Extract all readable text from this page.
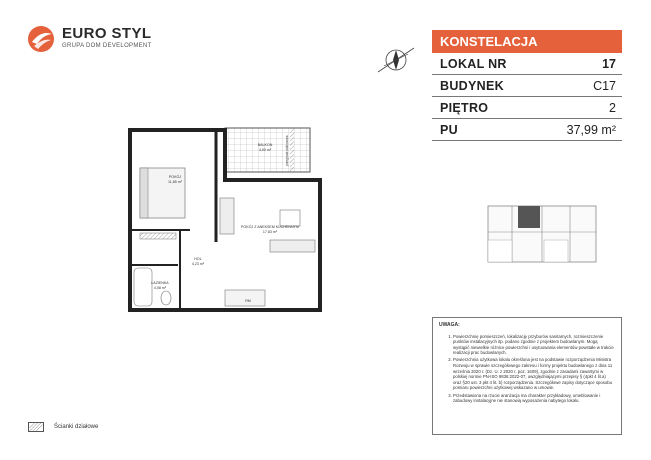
EURO STYL
GRUPA DOM DEVELOPMENT	KONSTELACJA
LOKAL NR	17
BUDYNEK	C17
PIĘTRO	2
PU	37,99 m²
BALKON
4,90 m²
POKÓJ
11,85 m²
POKÓJ Z ANEKSEM KUCHENNYM
17,83 m²
HOL
4,23 m²
ŁAZIENKA
4,08 m²
przegroda balkonowa
RM
UWAGA:
1. Powierzchnię pomieszczeń, lokalizację przyborów sanitarnych, rozmieszczenie punktów instalacyjnych itp. podano zgodnie z projektem budowlanym. Mogą wystąpić niewielkie różnice powierzchni i usytuowania elementów powstałe w trakcie realizacji prac budowlanych.
2. Powierzchnia użytkowa lokalu określona jest na podstawie rozporządzenia Ministra Rozwoju w sprawie szczegółowego zakresu i formy projektu budowlanego z dnia 11 września 2020 r. (Dz. U. z 2020 r. poz. 1609), zgodnie z zasadami zawartymi w polskiej normie PN-ISO 9836:2022-07, uwzględniającymi przepisy § (4pkt 4 lit.a) oraz §20 ust. 3 pkt 4 lit. b) rozporządzenia. Szczegółowe zapisy dotyczące sposobu pomiaru powierzchni użytkowej wskazano w umowie.
3. Przedstawiona na rzucie aranżacja ma charakter przykładowy, umeblowanie i zabudowy instalacyjne nie stanowią wyposażenia nabytego lokalu.
Ścianki działowe
